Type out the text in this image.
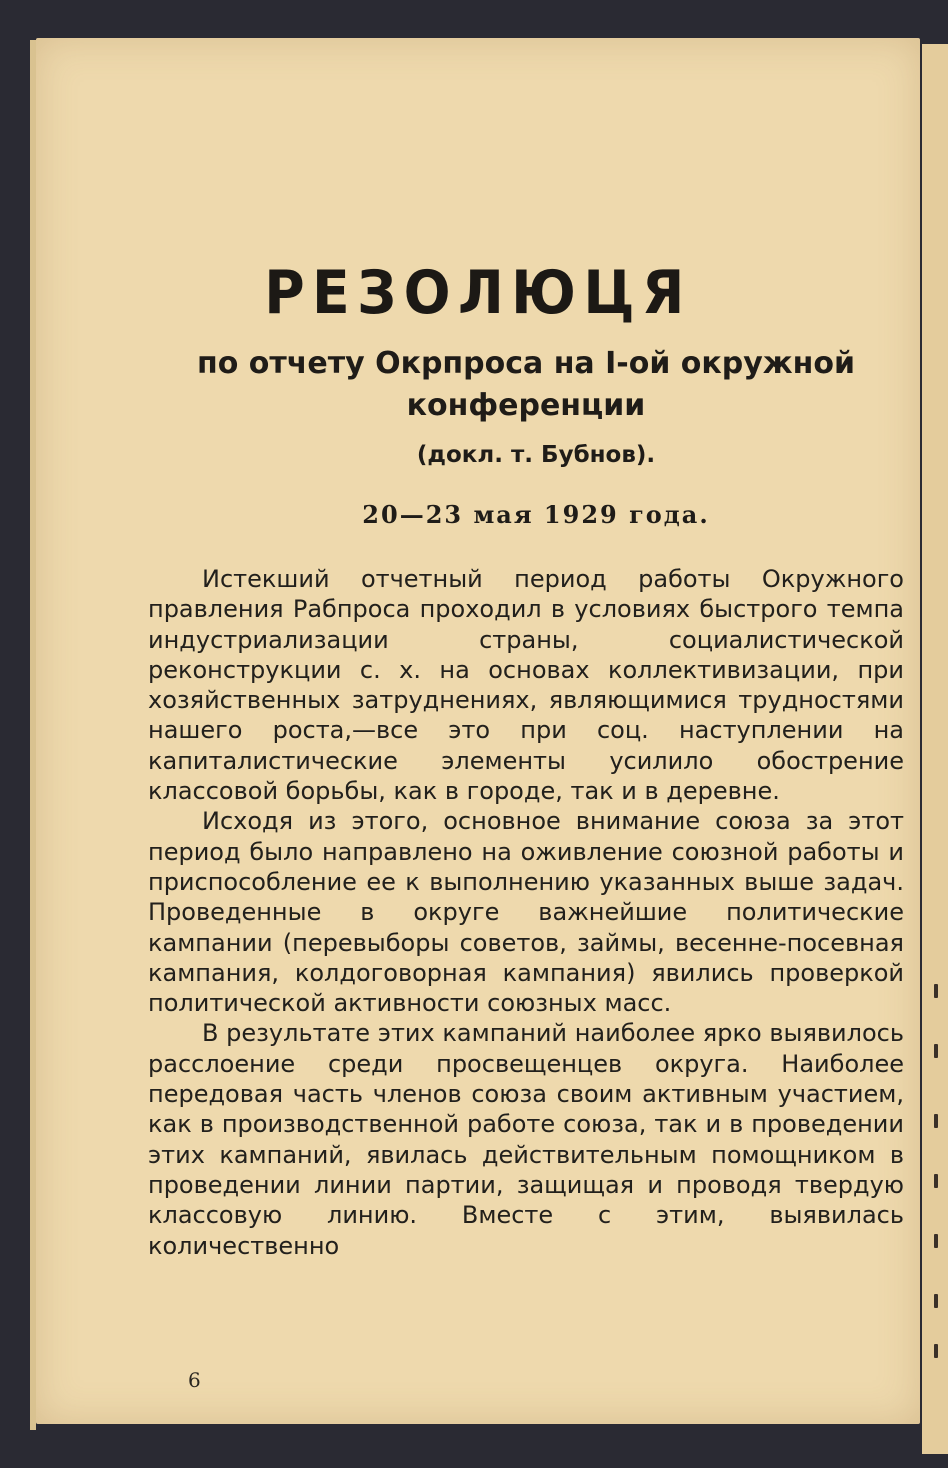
РЕЗОЛЮЦЯ

по отчету Окрпроса на I-ой окружной

конференции

(докл. т. Бубнов).

20—23 мая 1929 года.

Истекший отчетный период работы Окружного правления Рабпроса проходил в условиях быстрого темпа индустриализации страны, социалистической реконструкции с. х. на основах коллективизации, при хозяйственных затруднениях, являющимися трудностями нашего роста,—все это при соц. наступлении на капиталистические элементы усилило обострение классовой борьбы, как в городе, так и в деревне.

Исходя из этого, основное внимание союза за этот период было направлено на оживление союзной работы и приспособление ее к выполнению указанных выше задач. Проведенные в округе важнейшие политические кампании (перевыборы советов, займы, весенне-посевная кампания, колдоговорная кампания) явились проверкой политической активности союзных масс.

В результате этих кампаний наиболее ярко выявилось расслоение среди просвещенцев округа. Наиболее передовая часть членов союза своим активным участием, как в производственной работе союза, так и в проведении этих кампаний, явилась действительным помощником в проведении линии партии, защищая и проводя твердую классовую линию. Вместе с этим, выявилась количественно

6
